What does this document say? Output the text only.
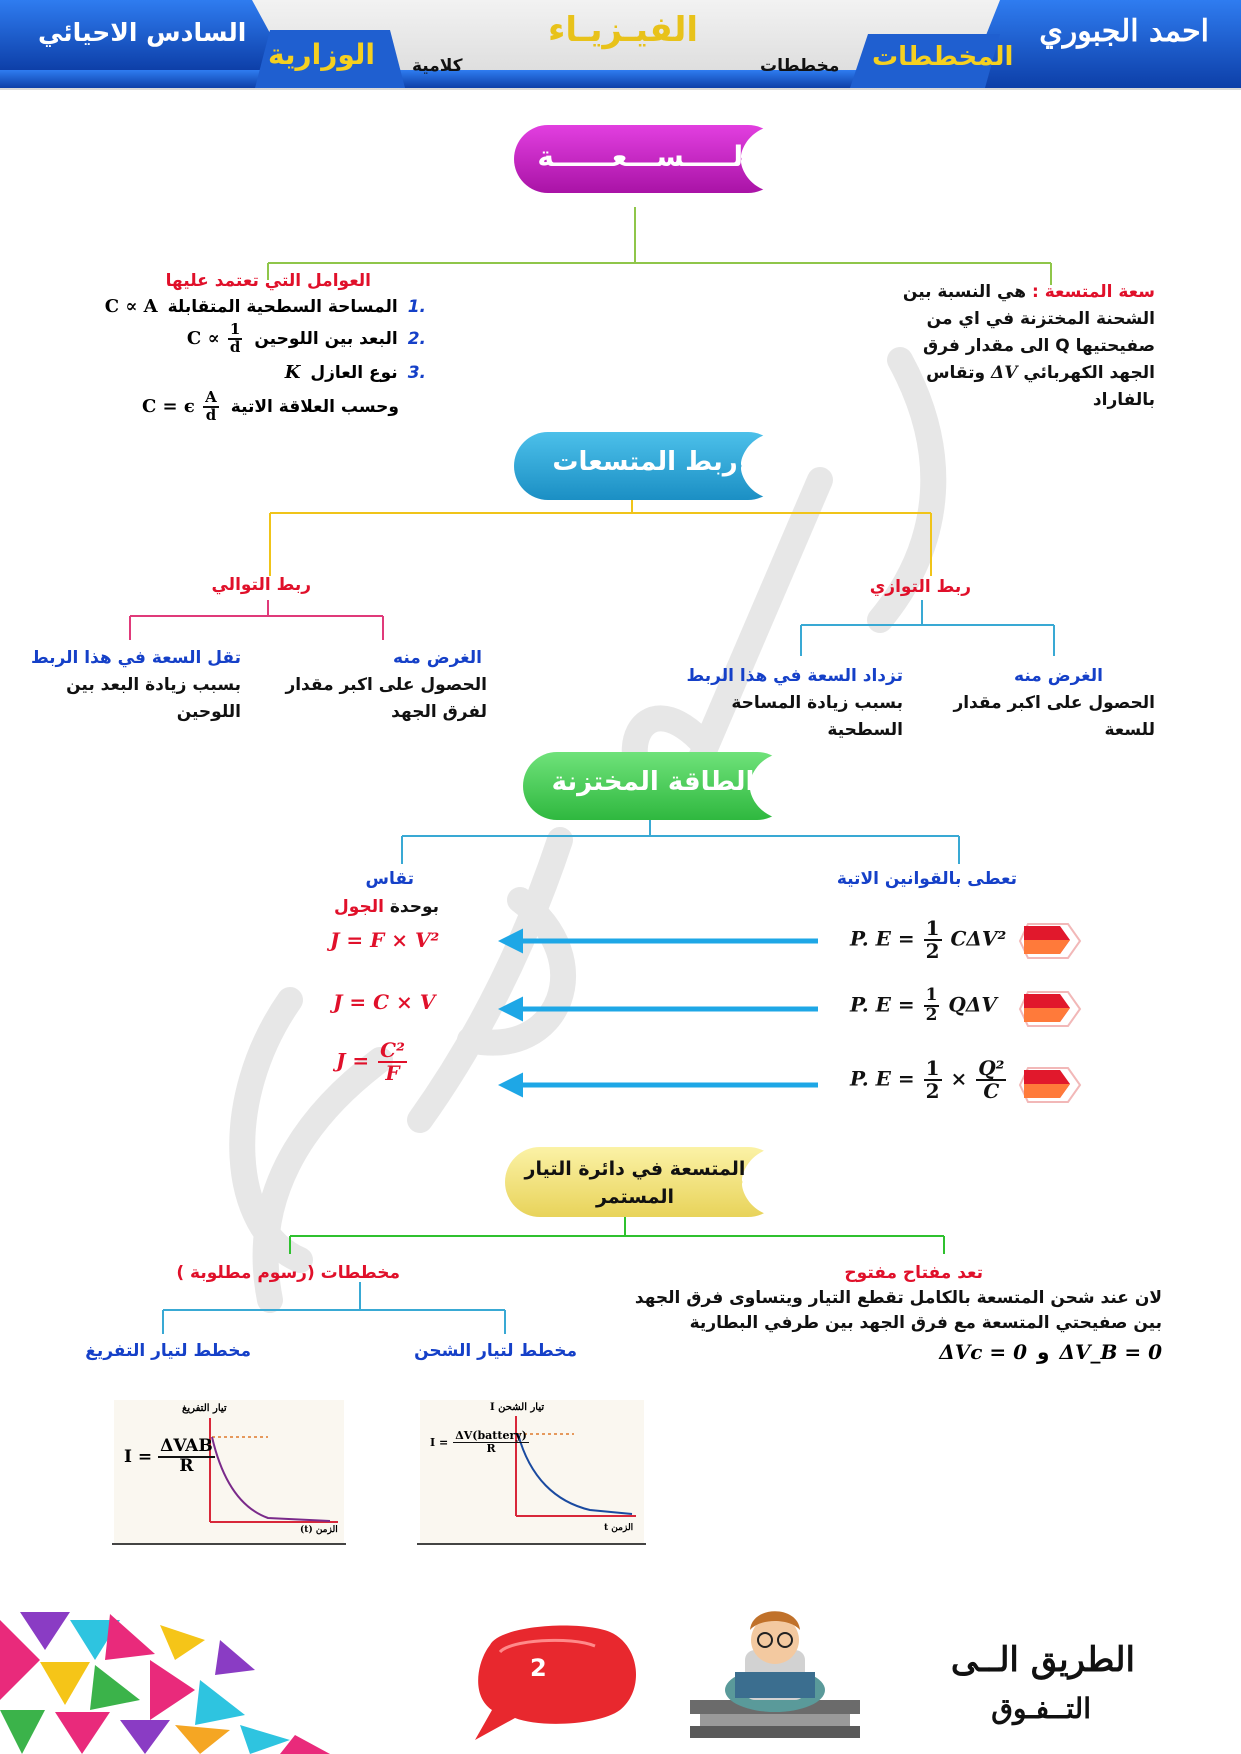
احمد الجبوري
المخططات
مخططات
الفيـزيـاء
كلامية
الوزارية
السادس الاحيائي
الـــــســـعــــــة
سعة المتسعة : هي النسبة بين
الشحنة المختزنة في اي من
صفيحتيها Q الى مقدار فرق
الجهد الكهربائي ΔV وتقاس
بالفاراد
العوامل التي تعتمد عليها
.1
المساحة السطحية المتقابلة
C ∝ A
.2
البعد بين اللوحين
$C \propto \frac{1}{d}$
.3
نوع العازل
K
وحسب العلاقة الاتية
C = ϵ $\frac{A}{d}$
ربط المتسعات
ربط التوالي	ربط التوازي
تقل السعة في هذا الربط
بسبب زيادة البعد بين
اللوحين
الغرض منه
الحصول على اكبر مقدار
لفرق الجهد
تزداد السعة في هذا الربط
بسبب زيادة المساحة
السطحية
الغرض منه
الحصول على اكبر مقدار
للسعة
الطاقة المختزنة
تعطى بالقوانين الاتية
تقاس
بوحدة الجول
P. $E = \frac{1}{2} C\Delta V^2$
P. $E = \frac{1}{2}$ QΔV
P. $E = \frac{1}{2} \times \frac{\text{Q²}}{C}$
J = F × V²
J = C × V
$J = \frac{\text{C²}}{F}$
المتسعة في دائرة التيار
المستمر
تعد مفتاح مفتوح
لان عند شحن المتسعة بالكامل تقطع التيار ويتساوى فرق الجهد
بين صفيحتي المتسعة مع فرق الجهد بين طرفي البطارية
ΔV_B = 0
و
ΔVc = 0
مخططات (رسوم مطلوبة )
مخطط لتيار الشحن
مخطط لتيار التفريغ
تيار التفريغ
الزمن (t)
$I = \frac{\text{ΔVAB}}{R}$
تيار الشحن I
الزمن t
$I = \frac{\text{ΔV(battery)}}{R}$
2	الطريق الــى
التــفـوق
